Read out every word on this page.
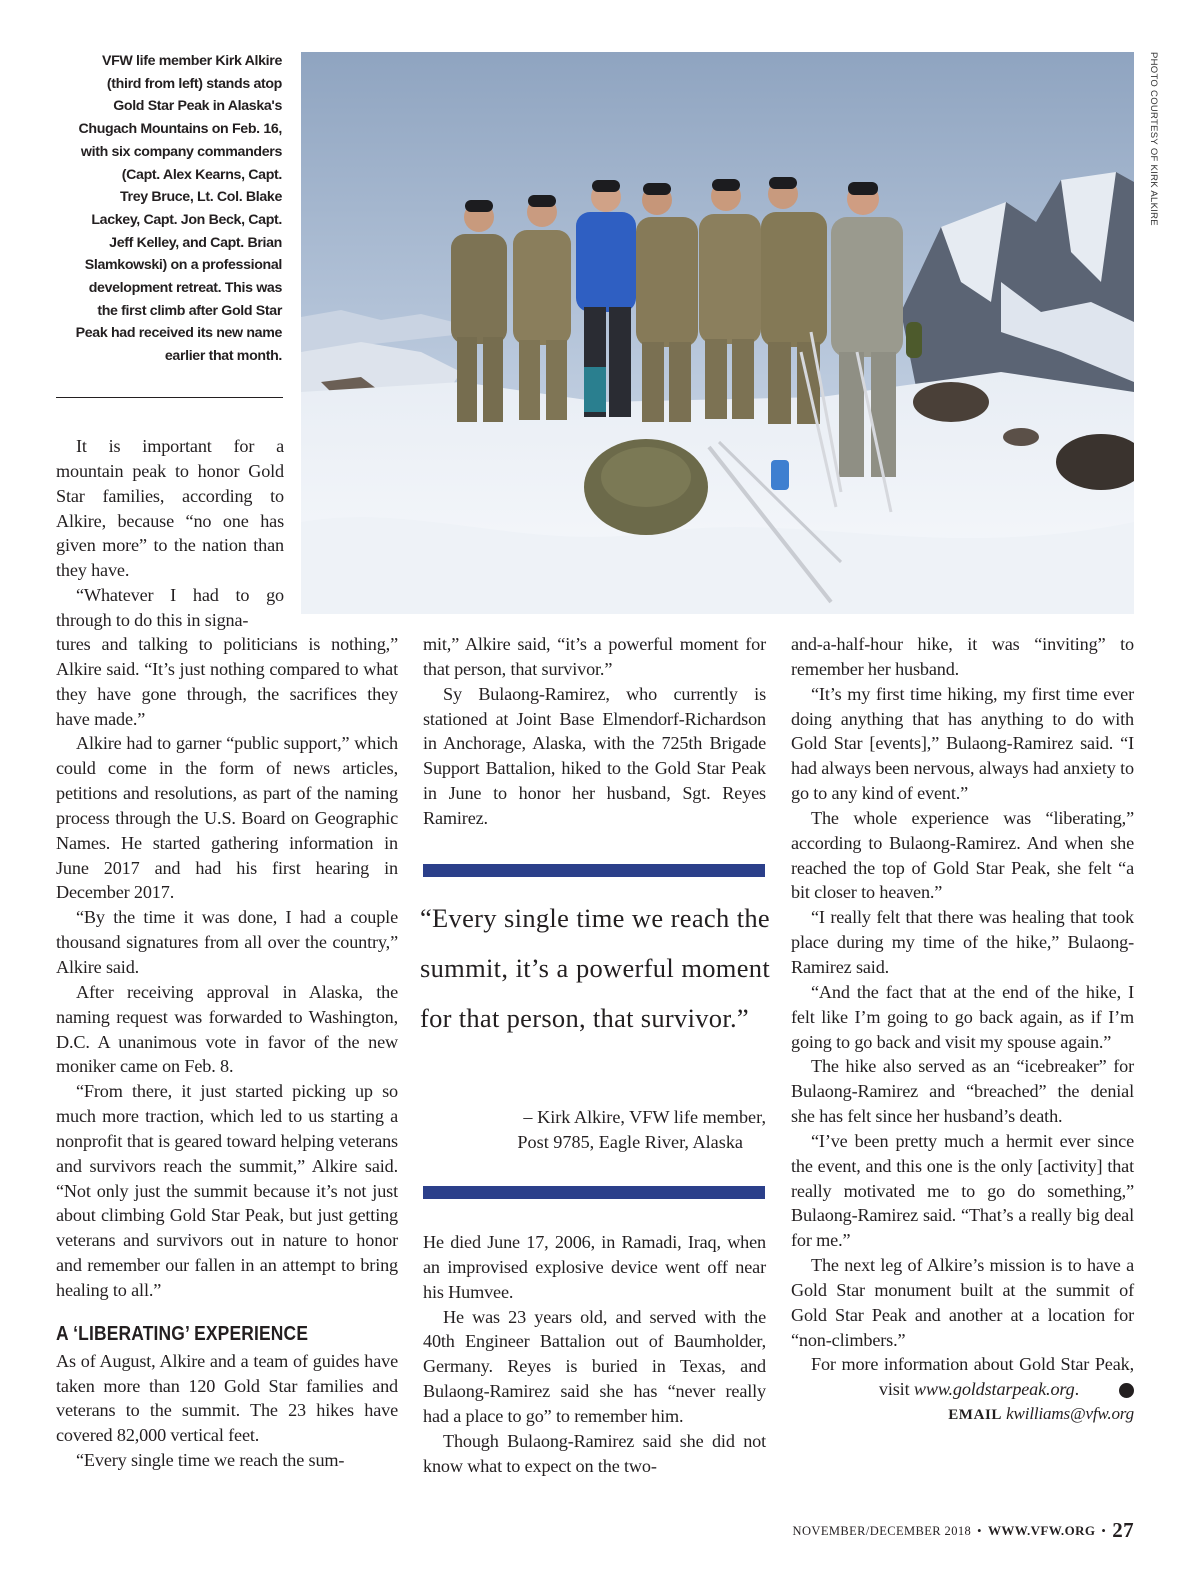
VFW life member Kirk Alkire
(third from left) stands atop
Gold Star Peak in Alaska's
Chugach Mountains on Feb. 16,
with six company commanders
(Capt. Alex Kearns, Capt.
Trey Bruce, Lt. Col. Blake
Lackey, Capt. Jon Beck, Capt.
Jeff Kelley, and Capt. Brian
Slamkowski) on a professional
development retreat. This was
the first climb after Gold Star
Peak had received its new name
earlier that month.
PHOTO COURTESY OF KIRK ALKIRE

It is important for a mountain peak to honor Gold Star families, according to Alkire, because “no one has given more” to the nation than they have.

“Whatever I had to go through to do this in signa-

tures and talking to politicians is nothing,” Alkire said. “It’s just nothing compared to what they have gone through, the sacrifices they have made.”

Alkire had to garner “public support,” which could come in the form of news articles, petitions and resolutions, as part of the naming process through the U.S. Board on Geographic Names. He started gathering information in June 2017 and had his first hearing in December 2017.

“By the time it was done, I had a couple thousand signatures from all over the country,” Alkire said.

After receiving approval in Alaska, the naming request was forwarded to Washington, D.C. A unanimous vote in favor of the new moniker came on Feb. 8.

“From there, it just started picking up so much more traction, which led to us starting a nonprofit that is geared toward helping veterans and survivors reach the summit,” Alkire said. “Not only just the summit because it’s not just about climbing Gold Star Peak, but just getting veterans and survivors out in nature to honor and remember our fallen in an attempt to bring healing to all.”

A ‘LIBERATING’ EXPERIENCE

As of August, Alkire and a team of guides have taken more than 120 Gold Star families and veterans to the summit. The 23 hikes have covered 82,000 vertical feet.

“Every single time we reach the sum-

mit,” Alkire said, “it’s a powerful moment for that person, that survivor.”

Sy Bulaong-Ramirez, who currently is stationed at Joint Base Elmendorf-Richardson in Anchorage, Alaska, with the 725th Brigade Support Battalion, hiked to the Gold Star Peak in June to honor her husband, Sgt. Reyes Ramirez.

“Every single time we reach the summit, it’s a powerful moment for that person, that survivor.”
– Kirk Alkire, VFW life member,
Post 9785, Eagle River, Alaska

He died June 17, 2006, in Ramadi, Iraq, when an improvised explosive device went off near his Humvee.

He was 23 years old, and served with the 40th Engineer Battalion out of Baumholder, Germany. Reyes is buried in Texas, and Bulaong-Ramirez said she has “never really had a place to go” to remember him.

Though Bulaong-Ramirez said she did not know what to expect on the two-

and-a-half-hour hike, it was “inviting” to remember her husband.

“It’s my first time hiking, my first time ever doing anything that has anything to do with Gold Star [events],” Bulaong-Ramirez said. “I had always been nervous, always had anxiety to go to any kind of event.”

The whole experience was “liberating,” according to Bulaong-Ramirez. And when she reached the top of Gold Star Peak, she felt “a bit closer to heaven.”

“I really felt that there was healing that took place during my time of the hike,” Bulaong-Ramirez said.

“And the fact that at the end of the hike, I felt like I’m going to go back again, as if I’m going to go back and visit my spouse again.”

The hike also served as an “icebreaker” for Bulaong-Ramirez and “breached” the denial she has felt since her husband’s death.

“I’ve been pretty much a hermit ever since the event, and this one is the only [activity] that really motivated me to go do something,” Bulaong-Ramirez said. “That’s a really big deal for me.”

The next leg of Alkire’s mission is to have a Gold Star monument built at the summit of Gold Star Peak and another at a location for “non-climbers.”

For more information about Gold Star Peak, visit www.goldstarpeak.org.	✪

EMAIL kwilliams@vfw.org
NOVEMBER/DECEMBER 2018 • WWW.VFW.ORG • 27
